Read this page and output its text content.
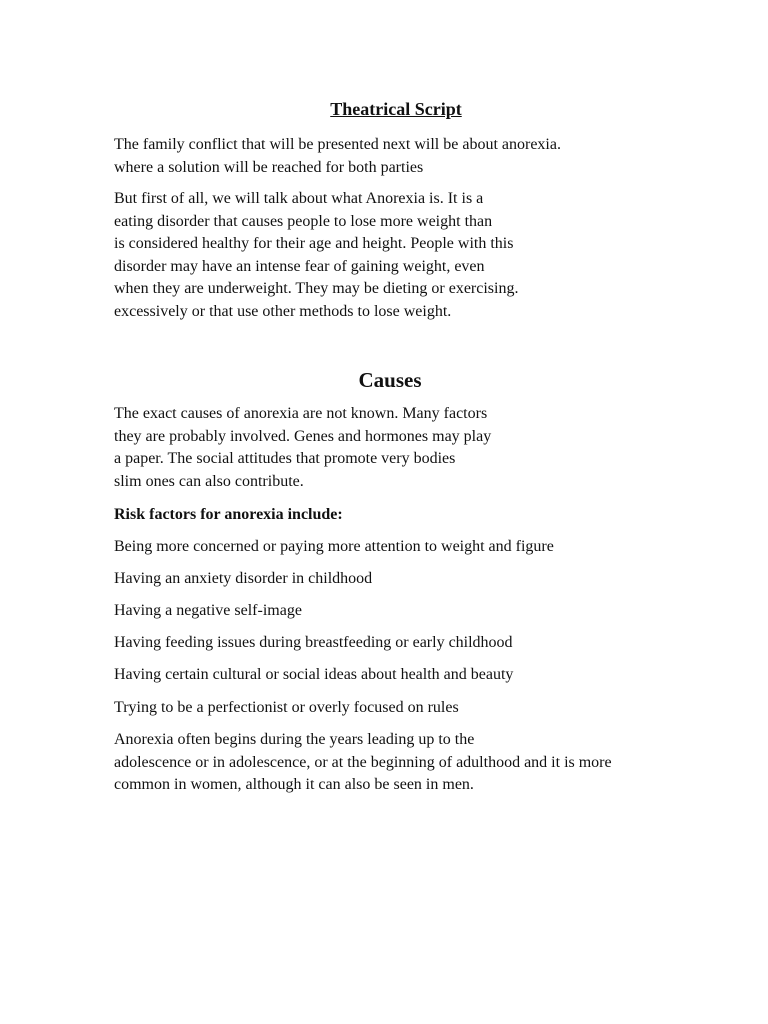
Theatrical Script

The family conflict that will be presented next will be about anorexia.
where a solution will be reached for both parties

But first of all, we will talk about what Anorexia is. It is a
eating disorder that causes people to lose more weight than
is considered healthy for their age and height. People with this
disorder may have an intense fear of gaining weight, even
when they are underweight. They may be dieting or exercising.
excessively or that use other methods to lose weight.

Causes

The exact causes of anorexia are not known. Many factors
they are probably involved. Genes and hormones may play
a paper. The social attitudes that promote very bodies
slim ones can also contribute.

Risk factors for anorexia include:

Being more concerned or paying more attention to weight and figure

Having an anxiety disorder in childhood

Having a negative self-image

Having feeding issues during breastfeeding or early childhood

Having certain cultural or social ideas about health and beauty

Trying to be a perfectionist or overly focused on rules

Anorexia often begins during the years leading up to the
adolescence or in adolescence, or at the beginning of adulthood and it is more
common in women, although it can also be seen in men.
